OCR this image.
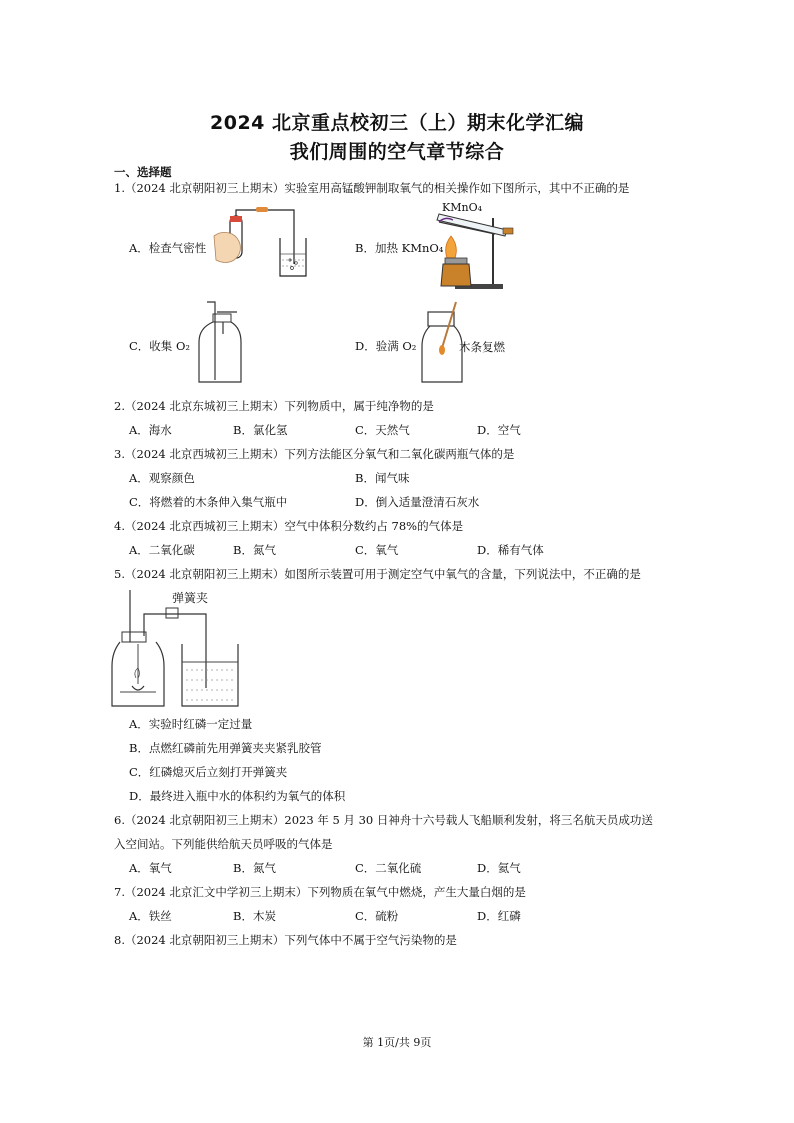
2024 北京重点校初三（上）期末化学汇编
我们周围的空气章节综合
一、选择题
1.（2024 北京朝阳初三上期末）实验室用高锰酸钾制取氧气的相关操作如下图所示，其中不正确的是
A．检查气密性	B．加热 KMnO₄
C．收集 O₂	D．验满 O₂
KMnO₄
木条复燃
2.（2024 北京东城初三上期末）下列物质中，属于纯净物的是
A．海水	B．氯化氢	C．天然气	D．空气
3.（2024 北京西城初三上期末）下列方法能区分氧气和二氧化碳两瓶气体的是
A．观察颜色	B．闻气味
C．将燃着的木条伸入集气瓶中	D．倒入适量澄清石灰水
4.（2024 北京西城初三上期末）空气中体积分数约占 78%的气体是
A．二氧化碳	B．氮气	C．氧气	D．稀有气体
5.（2024 北京朝阳初三上期末）如图所示装置可用于测定空气中氧气的含量，下列说法中，不正确的是
弹簧夹
A．实验时红磷一定过量
B．点燃红磷前先用弹簧夹夹紧乳胶管
C．红磷熄灭后立刻打开弹簧夹
D．最终进入瓶中水的体积约为氧气的体积
6.（2024 北京朝阳初三上期末）2023 年 5 月 30 日神舟十六号载人飞船顺利发射，将三名航天员成功送
入空间站。下列能供给航天员呼吸的气体是
A．氧气	B．氮气	C．二氧化硫	D．氦气
7.（2024 北京汇文中学初三上期末）下列物质在氧气中燃烧，产生大量白烟的是
A．铁丝	B．木炭	C．硫粉	D．红磷
8.（2024 北京朝阳初三上期末）下列气体中不属于空气污染物的是
第 1页/共 9页
